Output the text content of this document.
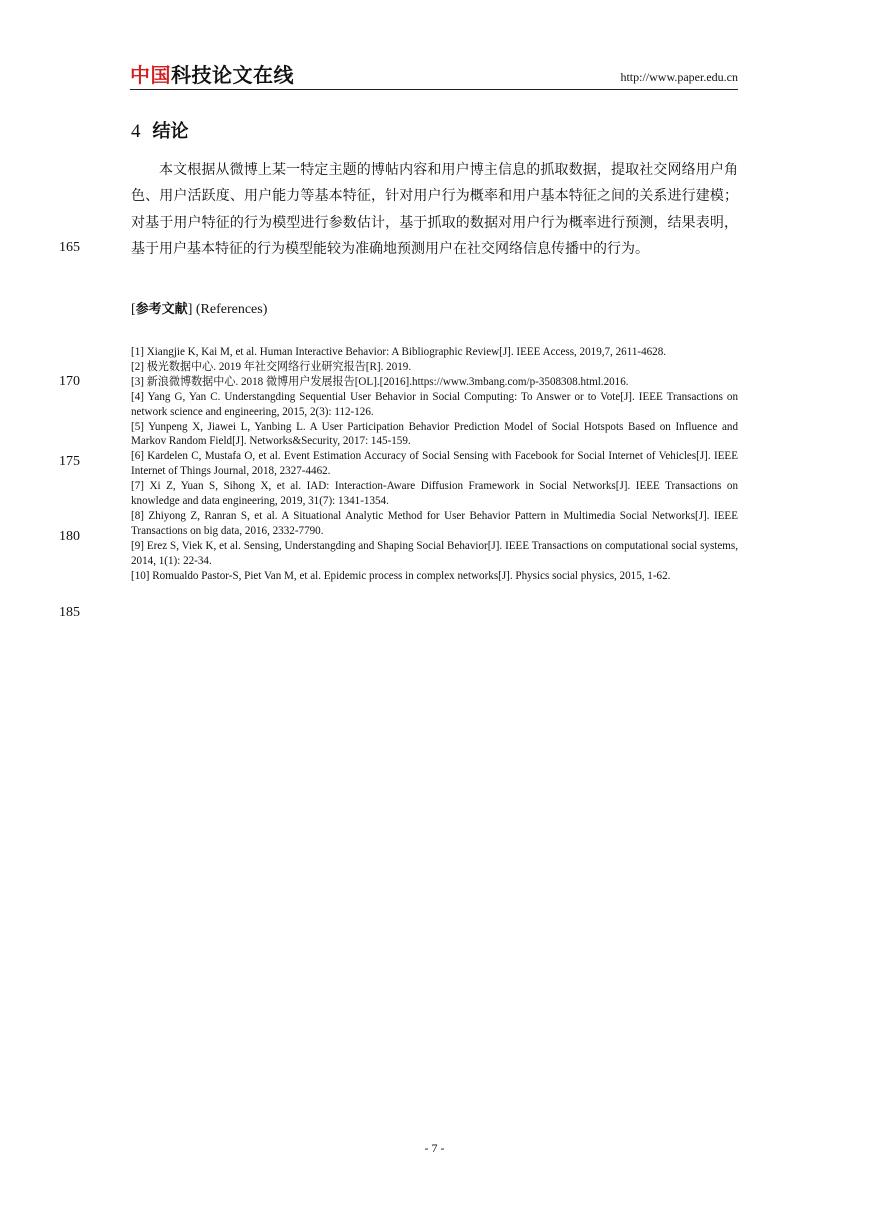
中国科技论文在线	http://www.paper.edu.cn
4 结论
本文根据从微博上某一特定主题的博帖内容和用户博主信息的抓取数据，提取社交网络用户角色、用户活跃度、用户能力等基本特征，针对用户行为概率和用户基本特征之间的关系进行建模；对基于用户特征的行为模型进行参数估计，基于抓取的数据对用户行为概率进行预测，结果表明，基于用户基本特征的行为模型能较为准确地预测用户在社交网络信息传播中的行为。
[参考文献] (References)

[1] Xiangjie K, Kai M, et al. Human Interactive Behavior: A Bibliographic Review[J]. IEEE Access, 2019,7, 2611-4628.

[2] 极光数据中心. 2019 年社交网络行业研究报告[R]. 2019.

[3] 新浪微博数据中心. 2018 微博用户发展报告[OL].[2016].https://www.3mbang.com/p-3508308.html.2016.

[4] Yang G, Yan C. Understangding Sequential User Behavior in Social Computing: To Answer or to Vote[J]. IEEE Transactions on network science and engineering, 2015, 2(3): 112-126.

[5] Yunpeng X, Jiawei L, Yanbing L. A User Participation Behavior Prediction Model of Social Hotspots Based on Influence and Markov Random Field[J]. Networks&Security, 2017: 145-159.

[6] Kardelen C, Mustafa O, et al. Event Estimation Accuracy of Social Sensing with Facebook for Social Internet of Vehicles[J]. IEEE Internet of Things Journal, 2018, 2327-4462.

[7] Xi Z, Yuan S, Sihong X, et al. IAD: Interaction-Aware Diffusion Framework in Social Networks[J]. IEEE Transactions on knowledge and data engineering, 2019, 31(7): 1341-1354.

[8] Zhiyong Z, Ranran S, et al. A Situational Analytic Method for User Behavior Pattern in Multimedia Social Networks[J]. IEEE Transactions on big data, 2016, 2332-7790.

[9] Erez S, Viek K, et al. Sensing, Understangding and Shaping Social Behavior[J]. IEEE Transactions on computational social systems, 2014, 1(1): 22-34.

[10] Romualdo Pastor-S, Piet Van M, et al. Epidemic process in complex networks[J]. Physics social physics, 2015, 1-62.

165
170
175
180
185
- 7 -
